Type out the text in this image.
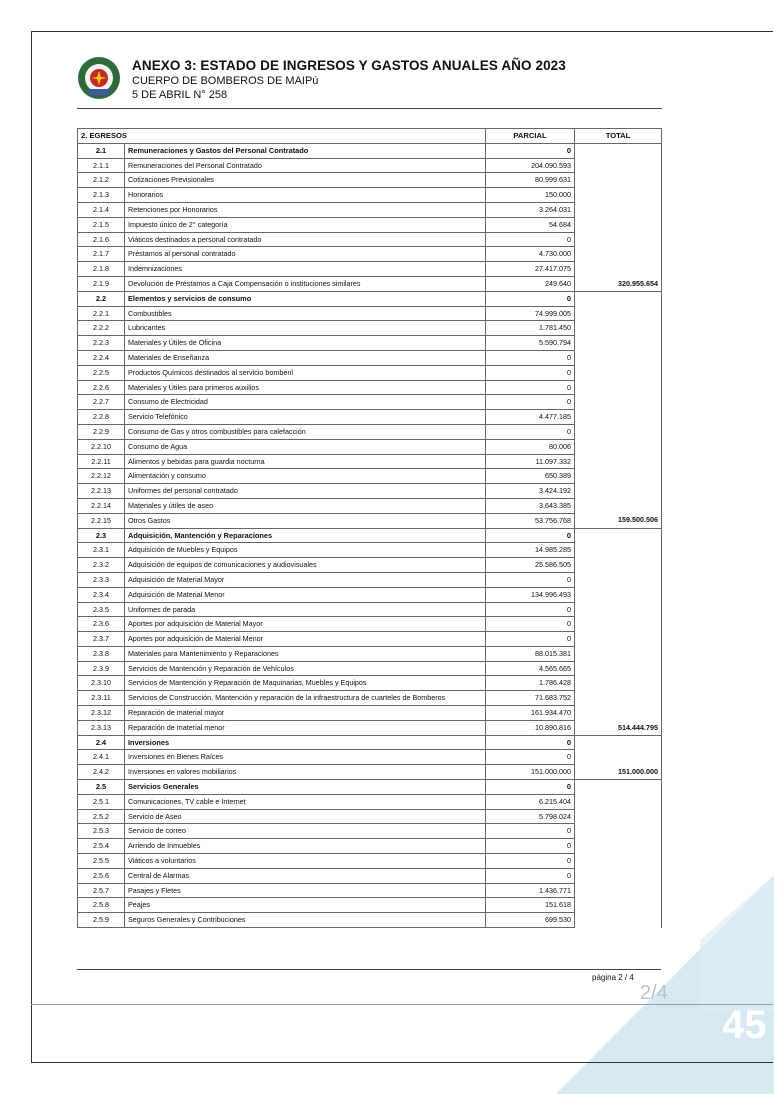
ANEXO 3: ESTADO DE INGRESOS Y GASTOS ANUALES AÑO 2023
CUERPO DE BOMBEROS DE MAIPú
5 DE ABRIL N° 258
2. EGRESOS		PARCIAL	TOTAL
2.1	Remuneraciones y Gastos del Personal Contratado	0	
2.1.1	Remuneraciones del Personal Contratado	204.090.593	
2.1.2	Cotizaciones Previsionales	80.999.631	
2.1.3	Honorarios	150.000	
2.1.4	Retenciones por Honorarios	3.264.031	
2.1.5	Impuesto único de 2° categoría	54.684	
2.1.6	Viáticos destinados a personal contratado	0	
2.1.7	Préstamos al personal contratado	4.730.000	
2.1.8	Indemnizaciones	27.417.075	
2.1.9	Devolución de Préstamos a Caja Compensación o instituciones similares	249.640	320.955.654
2.2	Elementos y servicios de consumo	0	
2.2.1	Combustibles	74.999.005	
2.2.2	Lubricantes	1.781.450	
2.2.3	Materiales y Útiles de Oficina	5.590.794	
2.2.4	Materiales de Enseñanza	0	
2.2.5	Productos Químicos destinados al servicio bomberil	0	
2.2.6	Materiales y Útiles para primeros auxilios	0	
2.2.7	Consumo de Electricidad	0	
2.2.8	Servicio Telefónico	4.477.185	
2.2.9	Consumo de Gas y otros combustibles para calefacción	0	
2.2.10	Consumo de Agua	80.006	
2.2.11	Alimentos y bebidas para guardia nocturna	11.097.332	
2.2.12	Alimentación y consumo	650.389	
2.2.13	Uniformes del personal contratado	3.424.192	
2.2.14	Materiales y útiles de aseo	3.643.385	
2.2.15	Otros Gastos	53.756.768	159.500.506
2.3	Adquisición, Mantención y Reparaciones	0	
2.3.1	Adquisición de Muebles y Equipos	14.985.285	
2.3.2	Adquisición de equipos de comunicaciones y audiovisuales	25.586.505	
2.3.3	Adquisición de Material Mayor	0	
2.3.4	Adquisición de Material Menor	134.996.493	
2.3.5	Uniformes de parada	0	
2.3.6	Aportes por adquisición de Material Mayor	0	
2.3.7	Aportes por adquisición de Material Menor	0	
2.3.8	Materiales para Mantenimiento y Reparaciones	88.015.381	
2.3.9	Servicios de Mantención y Reparación de Vehículos	4.565.665	
2.3.10	Servicios de Mantención y Reparación de Maquinarias, Muebles y Equipos	1.786.428	
2.3.11	Servicios de Construcción, Mantención y reparación de la infraestructura de cuarteles de Bomberos	71.683.752	
2.3.12	Reparación de material mayor	161.934.470	
2.3.13	Reparación de material menor	10.890.816	514.444.795
2.4	Inversiones	0	
2.4.1	Inversiones en Bienes Raíces	0	
2.4.2	Inversiones en valores mobiliarios	151.000.000	151.000.000
2.5	Servicios Generales	0	
2.5.1	Comunicaciones, TV cable e Internet	6.215.404	
2.5.2	Servicio de Aseo	5.798.024	
2.5.3	Servicio de correo	0	
2.5.4	Arriendo de Inmuebles	0	
2.5.5	Viáticos a voluntarios	0	
2.5.6	Central de Alarmas	0	
2.5.7	Pasajes y Fletes	1.436.771	
2.5.8	Peajes	151.618	
2.5.9	Seguros Generales y Contribuciones	699.530	
página 2 / 4
2/4
45
